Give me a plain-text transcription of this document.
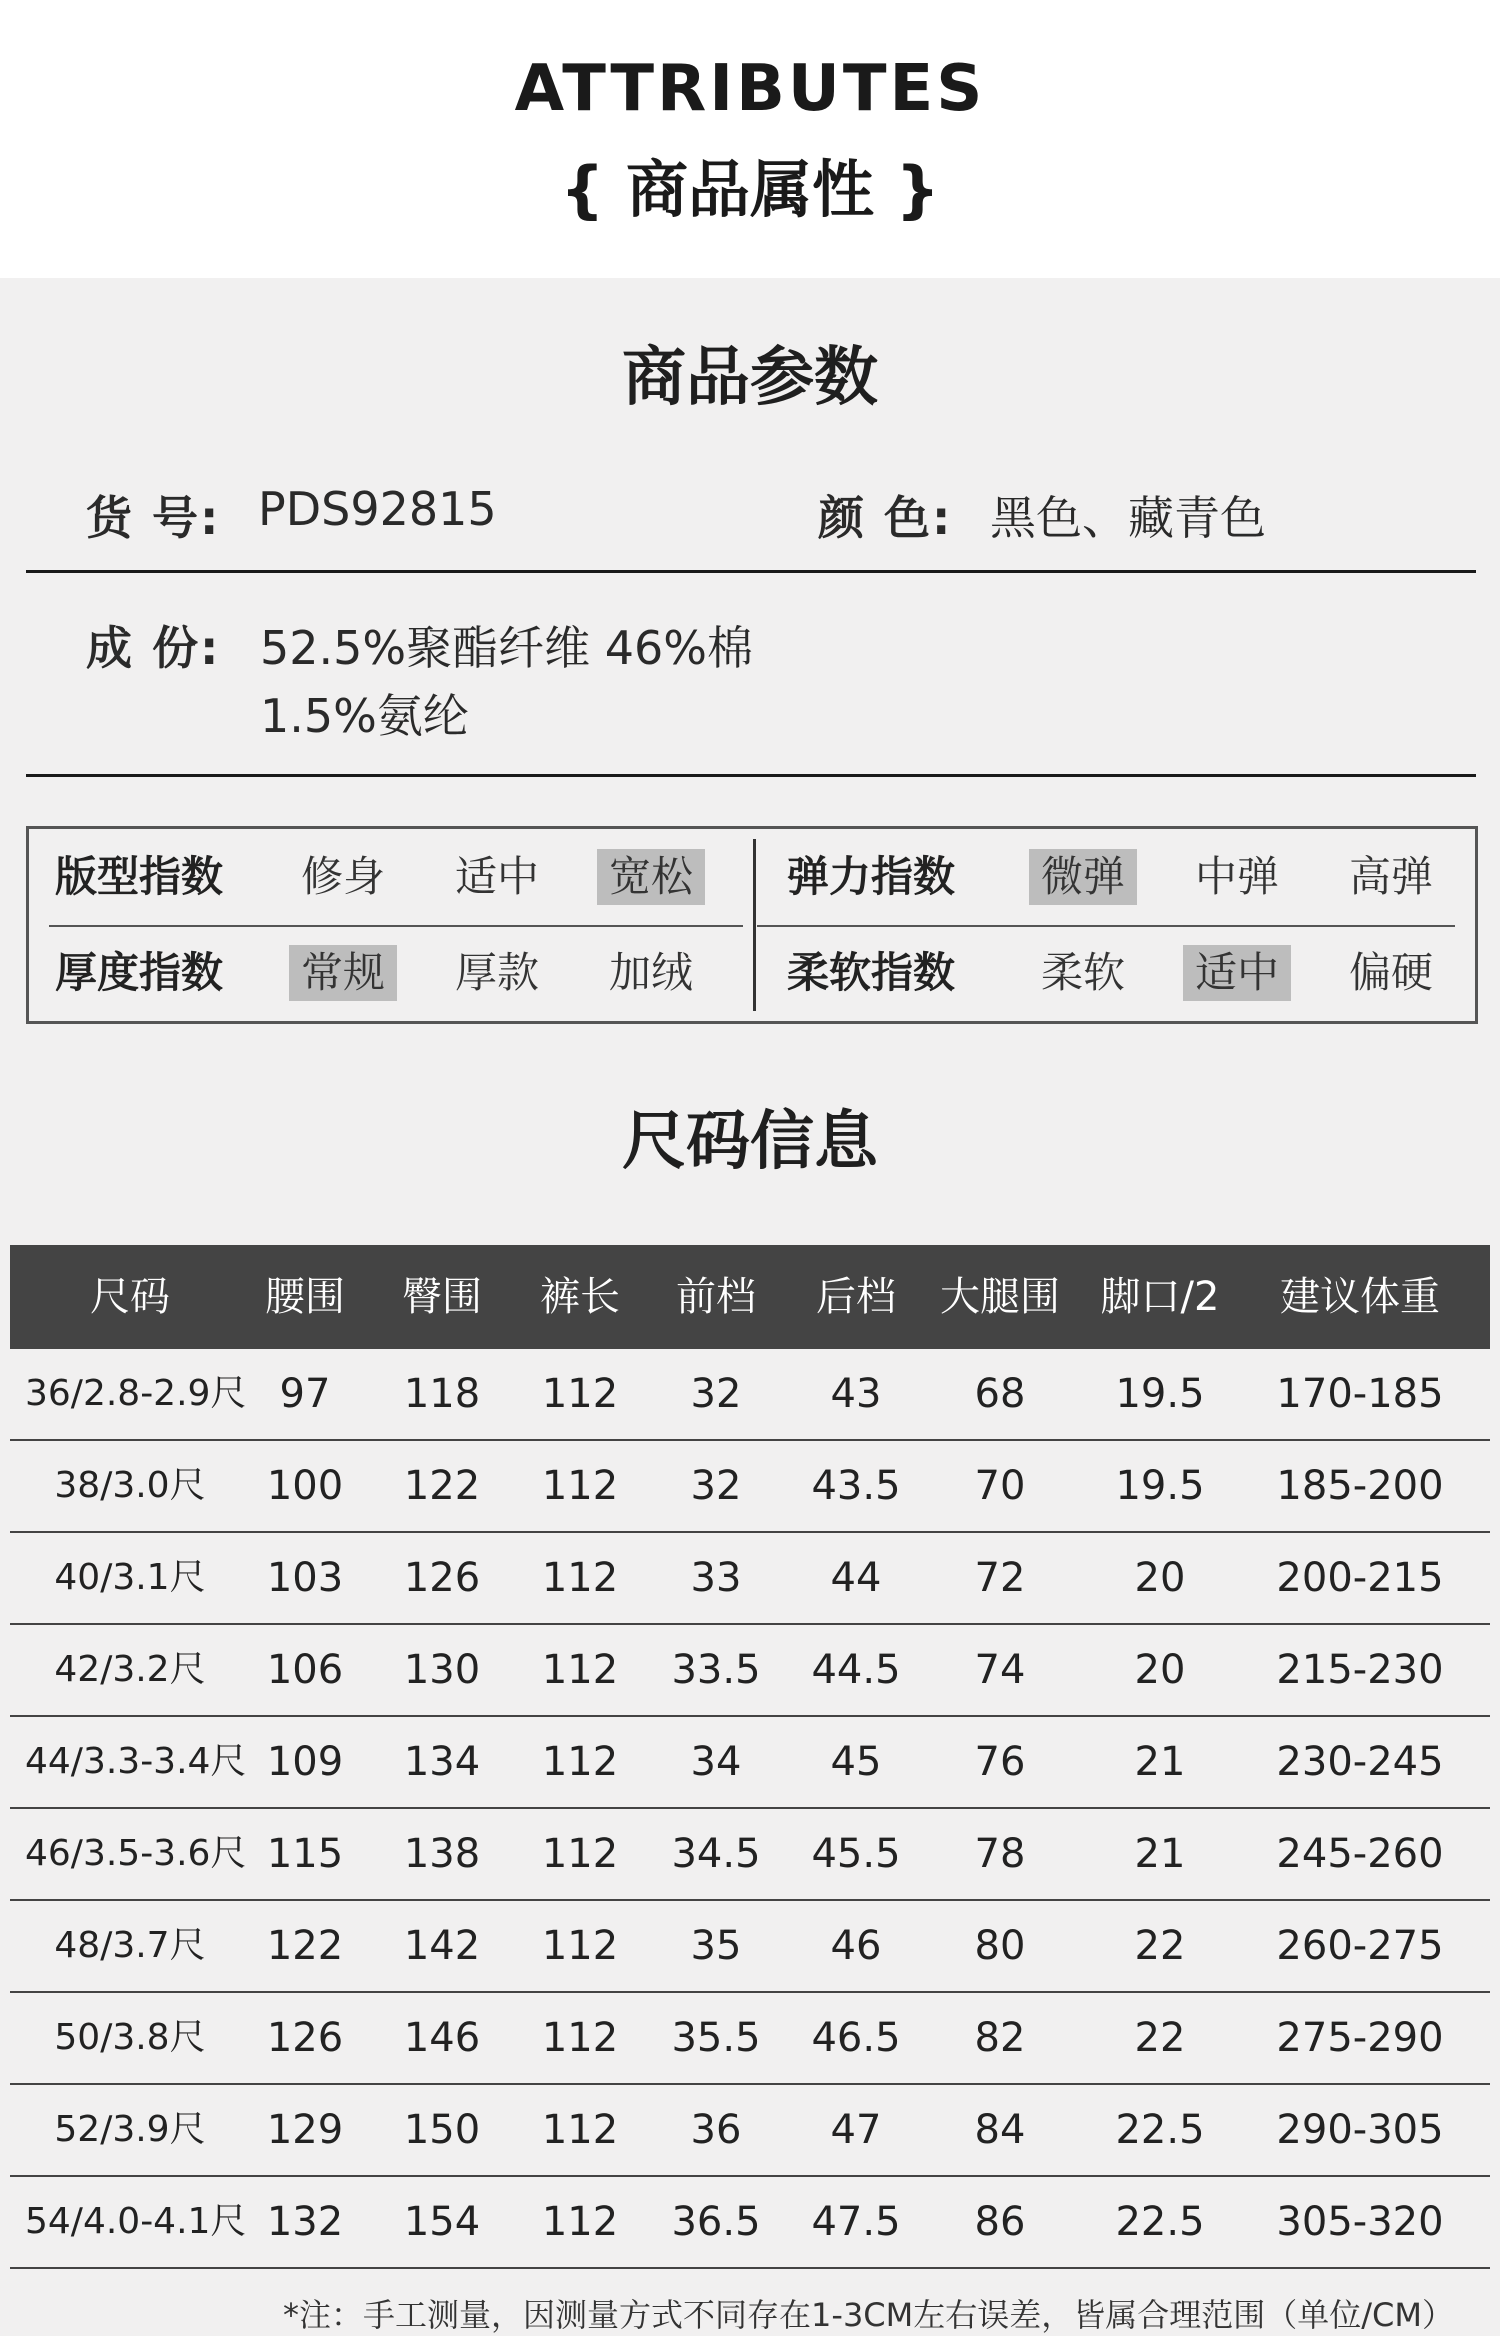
ATTRIBUTES
{ 商品属性 }
商品参数
货 号: PDS92815	颜 色: 黑色、藏青色
成 份: 52.5%聚酯纤维 46%棉
1.5%氨纶
版型指数 修身 适中 宽松 弹力指数 微弹 中弹 高弹
厚度指数 常规 厚款 加绒 柔软指数 柔软 适中 偏硬
尺码信息
尺码	腰围	臀围	裤长	前档	后档	大腿围	脚口/2	建议体重
36/2.8-2.9尺 97	118	112	32	43	68	19.5	170-185
38/3.0尺	100	122	112	32	43.5	70	19.5	185-200
40/3.1尺	103	126	112	33	44	72	20	200-215
42/3.2尺	106	130	112	33.5	44.5	74	20	215-230
44/3.3-3.4尺 109	134	112	34	45	76	21	230-245
46/3.5-3.6尺 115	138	112	34.5	45.5	78	21	245-260
48/3.7尺	122	142	112	35	46	80	22	260-275
50/3.8尺	126	146	112	35.5	46.5	82	22	275-290
52/3.9尺	129	150	112	36	47	84	22.5	290-305
54/4.0-4.1尺 132	154	112	36.5	47.5	86	22.5	305-320
*注：手工测量，因测量方式不同存在1-3CM左右误差，皆属合理范围（单位/CM）
